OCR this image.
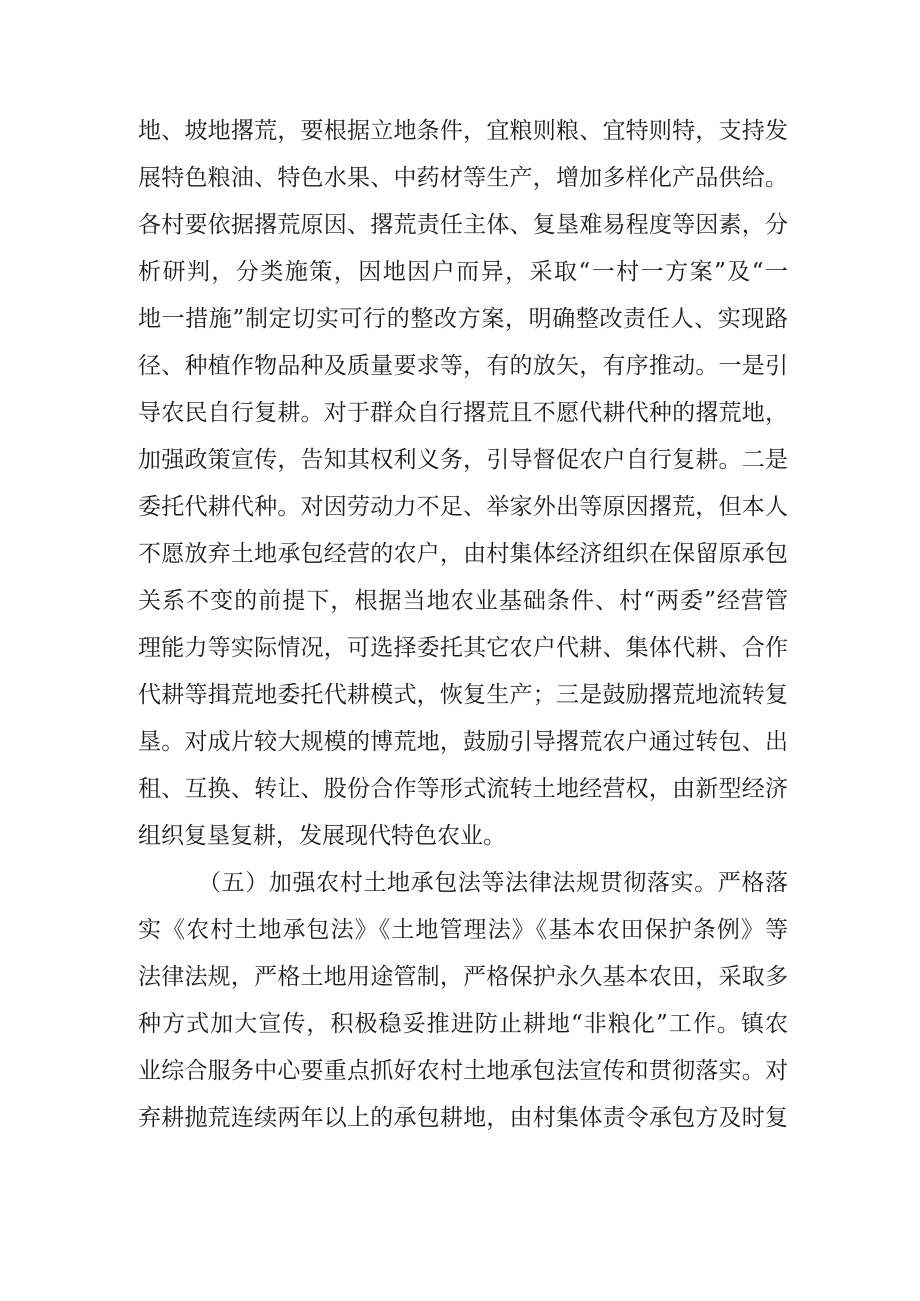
地、坡地撂荒，要根据立地条件，宜粮则粮、宜特则特，支持发
展特色粮油、特色水果、中药材等生产，增加多样化产品供给。
各村要依据撂荒原因、撂荒责任主体、复垦难易程度等因素，分
析研判，分类施策，因地因户而异，采取“一村一方案”及“一
地一措施”制定切实可行的整改方案，明确整改责任人、实现路
径、种植作物品种及质量要求等，有的放矢，有序推动。一是引
导农民自行复耕。对于群众自行撂荒且不愿代耕代种的撂荒地，
加强政策宣传，告知其权利义务，引导督促农户自行复耕。二是
委托代耕代种。对因劳动力不足、举家外出等原因撂荒，但本人
不愿放弃土地承包经营的农户，由村集体经济组织在保留原承包
关系不变的前提下，根据当地农业基础条件、村“两委”经营管
理能力等实际情况，可选择委托其它农户代耕、集体代耕、合作
代耕等揖荒地委托代耕模式，恢复生产；三是鼓励撂荒地流转复
垦。对成片较大规模的博荒地，鼓励引导撂荒农户通过转包、出
租、互换、转让、股份合作等形式流转土地经营权，由新型经济
组织复垦复耕，发展现代特色农业。
（五）加强农村土地承包法等法律法规贯彻落实。严格落
实《农村土地承包法》《土地管理法》《基本农田保护条例》等
法律法规，严格土地用途管制，严格保护永久基本农田，采取多
种方式加大宣传，积极稳妥推进防止耕地“非粮化”工作。镇农
业综合服务中心要重点抓好农村土地承包法宣传和贯彻落实。对
弃耕抛荒连续两年以上的承包耕地，由村集体责令承包方及时复
